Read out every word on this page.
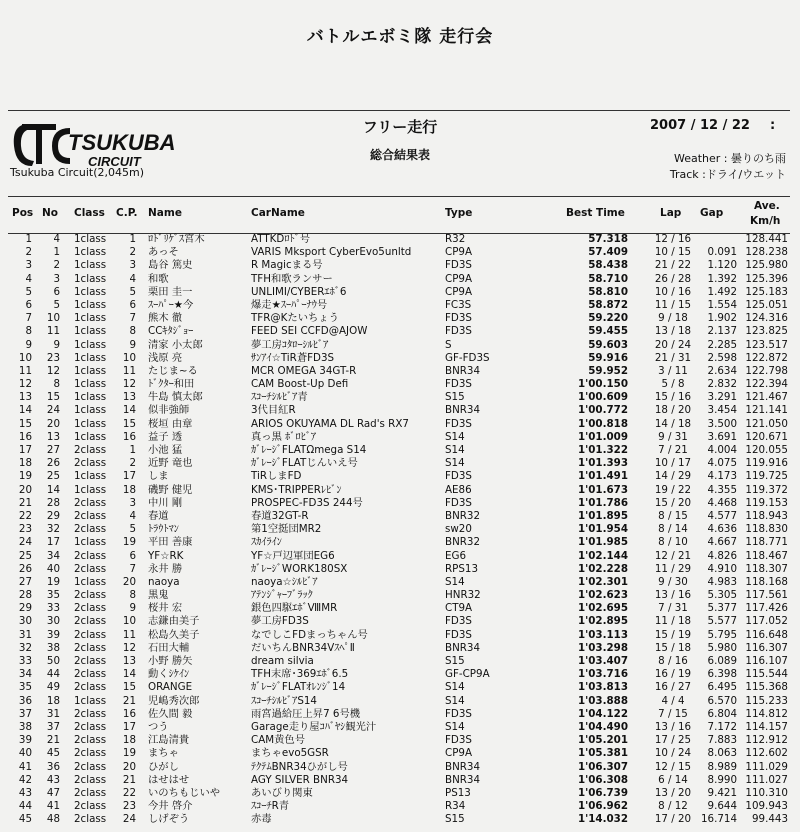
バトルエボミ隊 走行会
TSUKUBA
CIRCUIT
Tsukuba Circuit(2,045m)
フリー走行
総合結果表
2007 / 12 / 22 :
Weather : 曇りのち雨
Track :ドライ/ウエット
Pos No Class C.P. Name	CarName	Type	Best Time	Lap Gap
Ave.
Km/h
1	4 1class	1 ﾛﾄﾞﾘｹﾞｽ宮木	ATTKDﾛﾄﾞ号	R32	57.318	12 / 16	128.441
2	1 1class	2 あっそ	VARIS Mksport CyberEvo5unltd	CP9A	57.409	10 / 15	0.091 128.238
3	2 1class	3 島谷 篤史	R Magicまる号	FD3S	58.438	21 / 22	1.120 125.980
4	3 1class	4 和歌	TFH和歌ランサー	CP9A	58.710	26 / 28	1.392 125.396
5	6 1class	5 栗田 圭一	UNLIMI/CYBERｴﾎﾞ6	CP9A	58.810	10 / 16	1.492 125.183
6	5 1class	6 ｽｰﾊﾟｰ★今	爆走★ｽｰﾊﾟｰﾅｳ号	FC3S	58.872	11 / 15	1.554 125.051
7	10 1class	7 熊木 徹	TFR@Kたいちょう	FD3S	59.220	9 / 18	1.902 124.316
8	11 1class	8 CCｷﾀｼﾞｮｰ	FEED SEI CCFD@AJOW	FD3S	59.455	13 / 18	2.137 123.825
9	9 1class	9 清家 小太郎	夢工房ｺﾀﾛｰｼﾙﾋﾞｱ	S	59.603	20 / 24	2.285 123.517
10	23 1class	10 浅原 亮	ｻﾝｱｲ☆TiR蒼FD3S	GF-FD3S	59.916	21 / 31	2.598 122.872
11	12 1class	11 たじま~る	MCR OMEGA 34GT-R	BNR34	59.952	3 / 11	2.634 122.798
12	8 1class	12 ﾄﾞｸﾀｰ和田	CAM Boost-Up Defi	FD3S	1'00.150	5 / 8	2.832 122.394
13	15 1class	13 牛島 慎太郎	ｽｺｰﾁｼﾙﾋﾞｱ青	S15	1'00.609	15 / 16	3.291 121.467
14	24 1class	14 似非強師	3代目紅R	BNR34	1'00.772	18 / 20	3.454 121.141
15	20 1class	15 桜垣 由章	ARIOS OKUYAMA DL Rad's RX7	FD3S	1'00.818	14 / 18	3.500 121.050
16	13 1class	16 益子 透	真っ黒 ﾎﾞﾛﾋﾞｱ	S14	1'01.009	9 / 31	3.691 120.671
17	27 2class	1 小池 猛	ｶﾞﾚｰｼﾞFLATΩmega S14	S14	1'01.322	7 / 21	4.004 120.055
18	26 2class	2 近野 竜也	ｶﾞﾚｰｼﾞFLATじんいえ号	S14	1'01.393	10 / 17	4.075 119.916
19	25 1class	17 しま	TiRしまFD	FD3S	1'01.491	14 / 29	4.173 119.725
20	14 1class	18 磯野 健児	KMS･TRIPPERﾚﾋﾞﾝ	AE86	1'01.673	19 / 22	4.355 119.372
21	28 2class	3 中川 剛	PROSPEC-FD3S 244号	FD3S	1'01.786	15 / 20	4.468 119.153
22	29 2class	4 春道	春道32GT-R	BNR32	1'01.895	8 / 15	4.577 118.943
23	32 2class	5 ﾄﾗｳﾄﾏﾝ	第1空挺団MR2	sw20	1'01.954	8 / 14	4.636 118.830
24	17 1class	19 平田 善康	ｽｶｲﾗｲﾝ	BNR32	1'01.985	8 / 10	4.667 118.771
25	34 2class	6 YF☆RK	YF☆戸辺軍団EG6	EG6	1'02.144	12 / 21	4.826 118.467
26	40 2class	7 永井 勝	ｶﾞﾚｰｼﾞWORK180SX	RPS13	1'02.228	11 / 29	4.910 118.307
27	19 1class	20 naoya	naoya☆ｼﾙﾋﾞｱ	S14	1'02.301	9 / 30	4.983 118.168
28	35 2class	8 黒鬼	ｱﾃﾝｼﾞｬｰﾌﾞﾗｯｸ	HNR32	1'02.623	13 / 16	5.305 117.561
29	33 2class	9 桜井 宏	銀色四駆ｴﾎﾞⅧMR	CT9A	1'02.695	7 / 31	5.377 117.426
30	30 2class	10 志鎌由美子	夢工房FD3S	FD3S	1'02.895	11 / 18	5.577 117.052
31	39 2class	11 松島久美子	なでしこFDまっちゃん号	FD3S	1'03.113	15 / 19	5.795 116.648
32	38 2class	12 石田大輔	だいちんBNR34VｽﾍﾟⅡ	BNR34	1'03.298	15 / 18	5.980 116.307
33	50 2class	13 小野 勝矢	dream silvia	S15	1'03.407	8 / 16	6.089 116.107
34	44 2class	14 動くｼｹｲﾝ	TFH末席･369ｴﾎﾞ6.5	GF-CP9A	1'03.716	16 / 19	6.398 115.544
35	49 2class	15 ORANGE	ｶﾞﾚｰｼﾞFLATｵﾚﾝｼﾞ14	S14	1'03.813	16 / 27	6.495 115.368
36	18 1class	21 児嶋秀次郎	ｽｺｰﾁｼﾙﾋﾞｱS14	S14	1'03.888	4 / 4	6.570 115.233
37	31 2class	16 佐久間 毅	雨宮過給圧上昇7 6号機	FD3S	1'04.122	7 / 15	6.804 114.812
38	37 2class	17 つう	Garage走り屋ｺﾊﾞﾔｼ観光汁	S14	1'04.490	13 / 16	7.172 114.157
39	21 2class	18 江島清貴	CAM黄色号	FD3S	1'05.201	17 / 25	7.883 112.912
40	45 2class	19 まちゃ	まちゃevo5GSR	CP9A	1'05.381	10 / 24	8.063 112.602
41	36 2class	20 ひがし	ﾃｸﾃﾑBNR34ひがし号	BNR34	1'06.307	12 / 15	8.989 111.029
42	43 2class	21 はせはせ	AGY SILVER BNR34	BNR34	1'06.308	6 / 14	8.990 111.027
43	47 2class	22 いのちもじいや	あいびり関東	PS13	1'06.739	13 / 20	9.421 110.310
44	41 2class	23 今井 啓介	ｽｺｰﾁR青	R34	1'06.962	8 / 12	9.644 109.943
45	48 2class	24 しげぞう	赤毒	S15	1'14.032	17 / 20 16.714	99.443
